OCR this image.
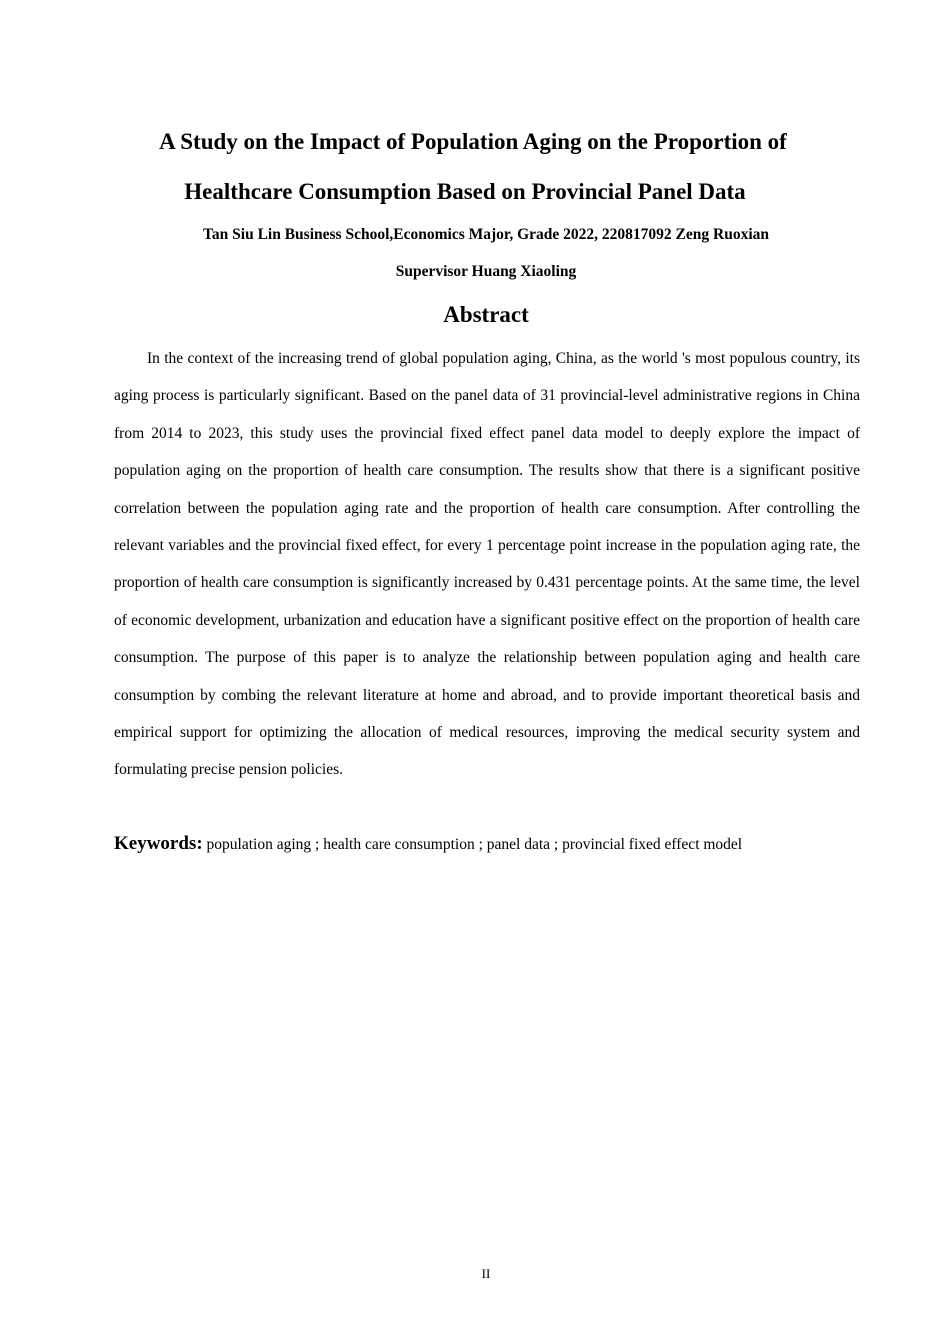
A Study on the Impact of Population Aging on the Proportion of
Healthcare Consumption Based on Provincial Panel Data
Tan Siu Lin Business School,Economics Major, Grade 2022, 220817092 Zeng Ruoxian
Supervisor Huang Xiaoling
Abstract

In the context of the increasing trend of global population aging, China, as the world 's most populous country, its aging process is particularly significant. Based on the panel data of 31 provincial-level administrative regions in China from 2014 to 2023, this study uses the provincial fixed effect panel data model to deeply explore the impact of population aging on the proportion of health care consumption. The results show that there is a significant positive correlation between the population aging rate and the proportion of health care consumption. After controlling the relevant variables and the provincial fixed effect, for every 1 percentage point increase in the population aging rate, the proportion of health care consumption is significantly increased by 0.431 percentage points. At the same time, the level of economic development, urbanization and education have a significant positive effect on the proportion of health care consumption. The purpose of this paper is to analyze the relationship between population aging and health care consumption by combing the relevant literature at home and abroad, and to provide important theoretical basis and empirical support for optimizing the allocation of medical resources, improving the medical security system and formulating precise pension policies.

Keywords: population aging ; health care consumption ; panel data ; provincial fixed effect model

II
